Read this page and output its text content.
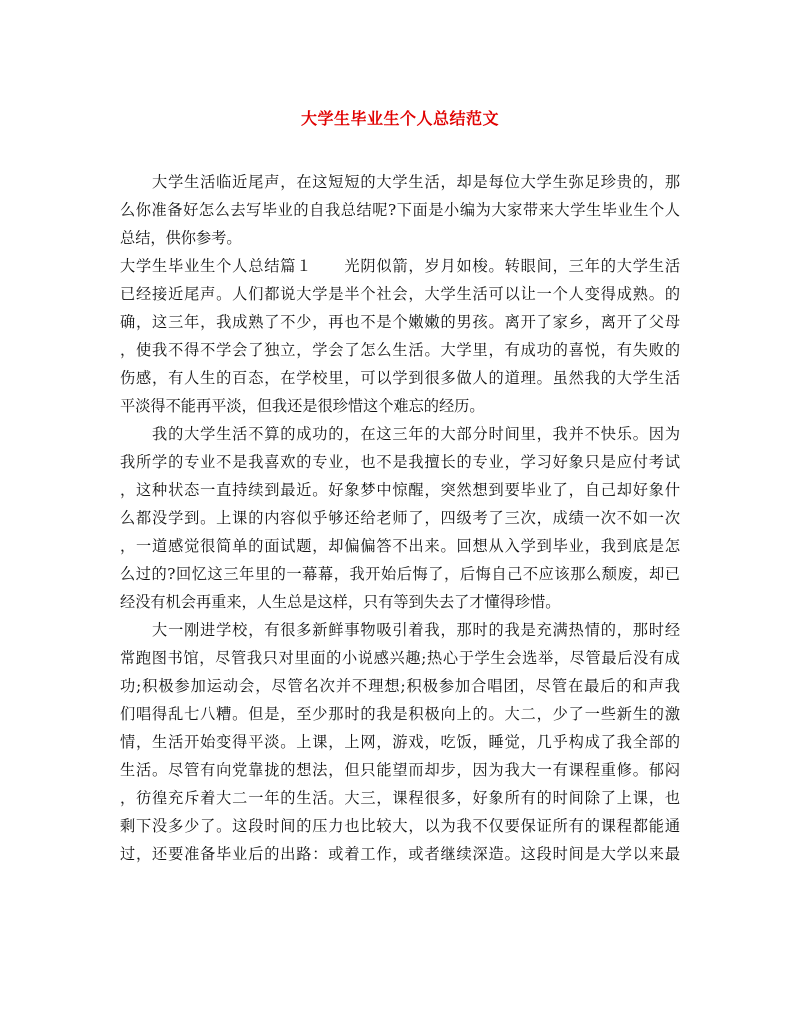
大学生毕业生个人总结范文
　　大学生活临近尾声，在这短短的大学生活，却是每位大学生弥足珍贵的，那
么你准备好怎么去写毕业的自我总结呢?下面是小编为大家带来大学生毕业生个人
总结，供你参考。
大学生毕业生个人总结篇１　　光阴似箭，岁月如梭。转眼间，三年的大学生活
已经接近尾声。人们都说大学是半个社会，大学生活可以让一个人变得成熟。的
确，这三年，我成熟了不少，再也不是个嫩嫩的男孩。离开了家乡，离开了父母
，使我不得不学会了独立，学会了怎么生活。大学里，有成功的喜悦，有失败的
伤感，有人生的百态，在学校里，可以学到很多做人的道理。虽然我的大学生活
平淡得不能再平淡，但我还是很珍惜这个难忘的经历。
　　我的大学生活不算的成功的，在这三年的大部分时间里，我并不快乐。因为
我所学的专业不是我喜欢的专业，也不是我擅长的专业，学习好象只是应付考试
，这种状态一直持续到最近。好象梦中惊醒，突然想到要毕业了，自己却好象什
么都没学到。上课的内容似乎够还给老师了，四级考了三次，成绩一次不如一次
，一道感觉很简单的面试题，却偏偏答不出来。回想从入学到毕业，我到底是怎
么过的?回忆这三年里的一幕幕，我开始后悔了，后悔自己不应该那么颓废，却已
经没有机会再重来，人生总是这样，只有等到失去了才懂得珍惜。
　　大一刚进学校，有很多新鲜事物吸引着我，那时的我是充满热情的，那时经
常跑图书馆，尽管我只对里面的小说感兴趣;热心于学生会选举，尽管最后没有成
功;积极参加运动会，尽管名次并不理想;积极参加合唱团，尽管在最后的和声我
们唱得乱七八糟。但是，至少那时的我是积极向上的。大二，少了一些新生的激
情，生活开始变得平淡。上课，上网，游戏，吃饭，睡觉，几乎构成了我全部的
生活。尽管有向党靠拢的想法，但只能望而却步，因为我大一有课程重修。郁闷
，彷徨充斥着大二一年的生活。大三，课程很多，好象所有的时间除了上课，也
剩下没多少了。这段时间的压力也比较大，以为我不仅要保证所有的课程都能通
过，还要准备毕业后的出路：或着工作，或者继续深造。这段时间是大学以来最
